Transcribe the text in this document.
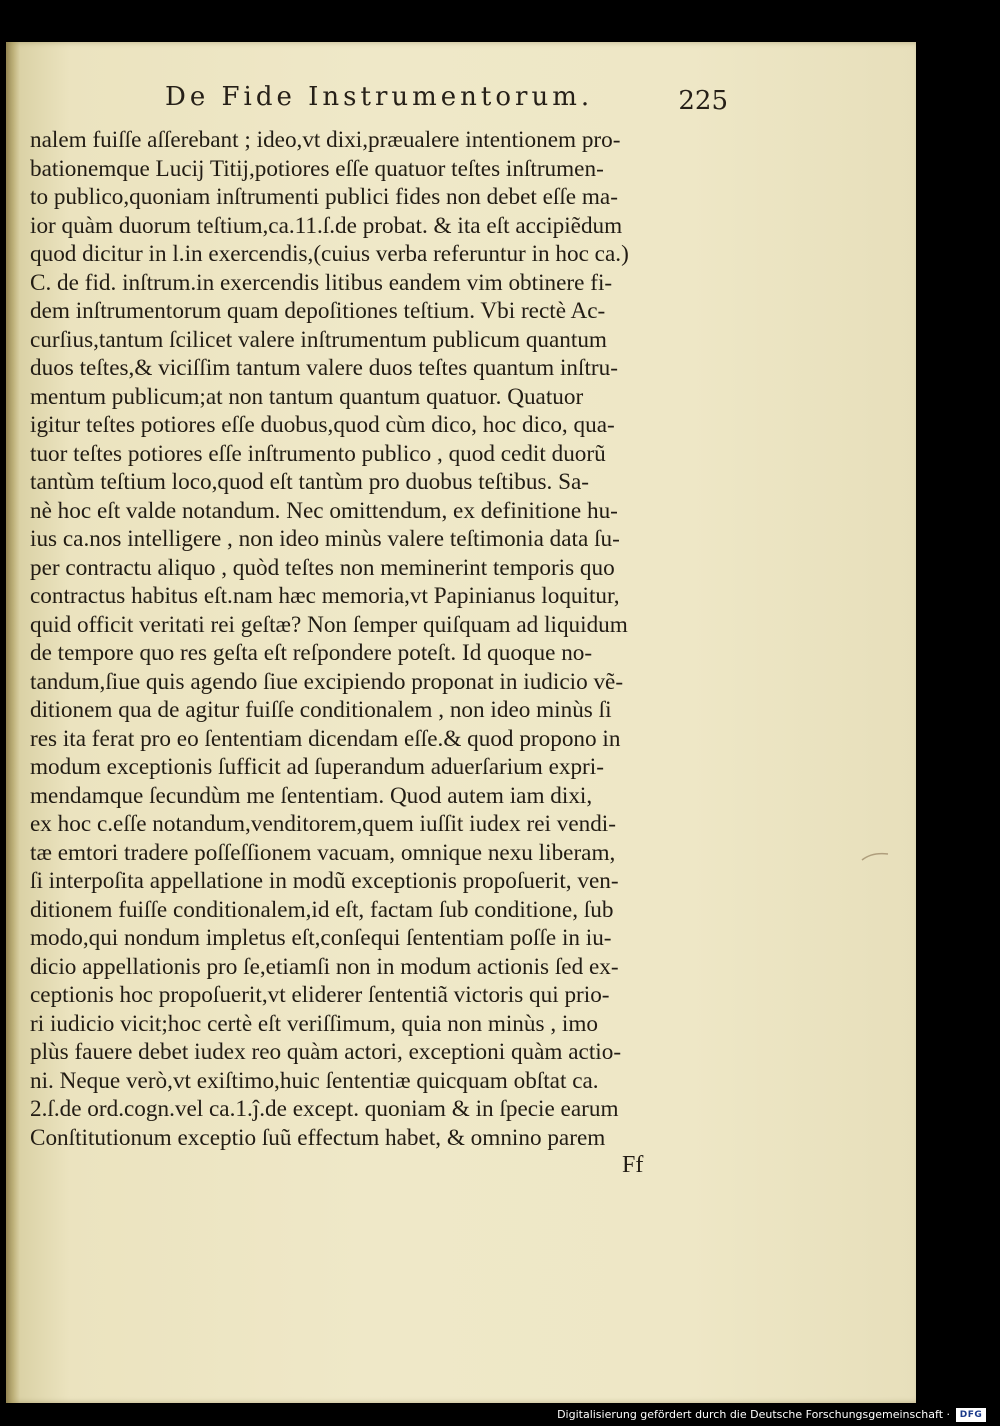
De Fide Instrumentorum.	225
nalem fuiſſe aſſerebant ; ideo,vt dixi,præualere intentionem pro-
bationemque Lucij Titij,potiores eſſe quatuor teſtes inſtrumen-
to publico,quoniam inſtrumenti publici fides non debet eſſe ma-
ior quàm duorum teſtium,ca.11.ſ.de probat. & ita eſt accipiẽdum
quod dicitur in l.in exercendis,(cuius verba referuntur in hoc ca.)
C. de fid. inſtrum.in exercendis litibus eandem vim obtinere fi-
dem inſtrumentorum quam depoſitiones teſtium. Vbi rectè Ac-
curſius,tantum ſcilicet valere inſtrumentum publicum quantum
duos teſtes,& viciſſim tantum valere duos teſtes quantum inſtru-
mentum publicum;at non tantum quantum quatuor. Quatuor
igitur teſtes potiores eſſe duobus,quod cùm dico, hoc dico, qua-
tuor teſtes potiores eſſe inſtrumento publico , quod cedit duorũ
tantùm teſtium loco,quod eſt tantùm pro duobus teſtibus. Sa-
nè hoc eſt valde notandum. Nec omittendum, ex definitione hu-
ius ca.nos intelligere , non ideo minùs valere teſtimonia data ſu-
per contractu aliquo , quòd teſtes non meminerint temporis quo
contractus habitus eſt.nam hæc memoria,vt Papinianus loquitur,
quid officit veritati rei geſtæ? Non ſemper quiſquam ad liquidum
de tempore quo res geſta eſt reſpondere poteſt. Id quoque no-
tandum,ſiue quis agendo ſiue excipiendo proponat in iudicio vẽ-
ditionem qua de agitur fuiſſe conditionalem , non ideo minùs ſi
res ita ferat pro eo ſententiam dicendam eſſe.& quod propono in
modum exceptionis ſufficit ad ſuperandum aduerſarium expri-
mendamque ſecundùm me ſententiam. Quod autem iam dixi,
ex hoc c.eſſe notandum,venditorem,quem iuſſit iudex rei vendi-
tæ emtori tradere poſſeſſionem vacuam, omnique nexu liberam,
ſi interpoſita appellatione in modũ exceptionis propoſuerit, ven-
ditionem fuiſſe conditionalem,id eſt, factam ſub conditione, ſub
modo,qui nondum impletus eſt,conſequi ſententiam poſſe in iu-
dicio appellationis pro ſe,etiamſi non in modum actionis ſed ex-
ceptionis hoc propoſuerit,vt eliderer ſententiã victoris qui prio-
ri iudicio vicit;hoc certè eſt veriſſimum, quia non minùs , imo
plùs fauere debet iudex reo quàm actori, exceptioni quàm actio-
ni. Neque verò,vt exiſtimo,huic ſententiæ quicquam obſtat ca.
2.ſ.de ord.cogn.vel ca.1.ĵ.de except. quoniam & in ſpecie earum
Conſtitutionum exceptio ſuũ effectum habet, & omnino parem
Ff
Digitalisierung gefördert durch die Deutsche Forschungsgemeinschaft ·	DFG
